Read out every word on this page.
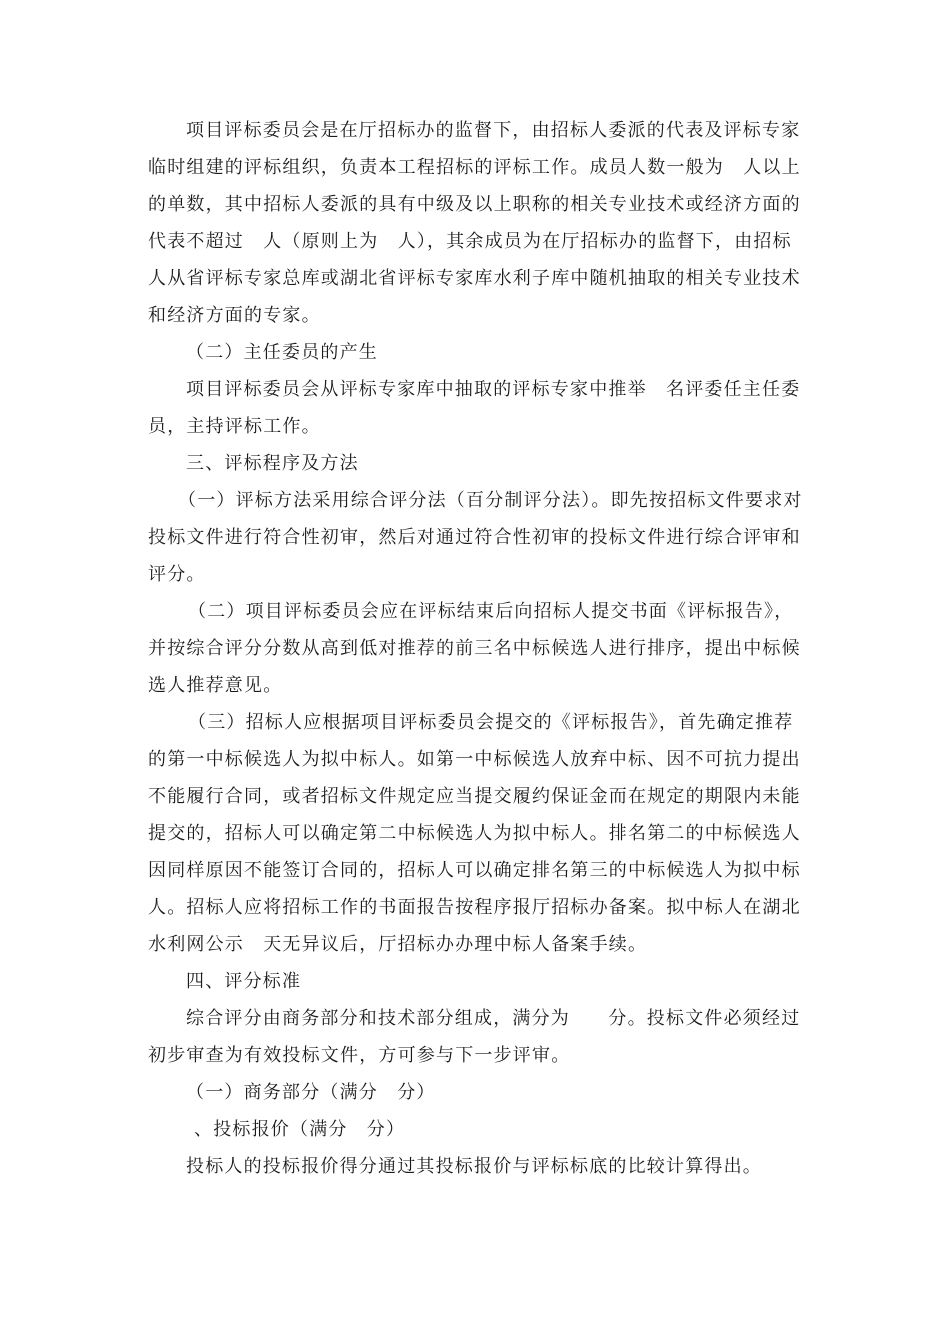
项目评标委员会是在厅招标办的监督下，由招标人委派的代表及评标专家
临时组建的评标组织，负责本工程招标的评标工作。成员人数一般为　人以上
的单数，其中招标人委派的具有中级及以上职称的相关专业技术或经济方面的
代表不超过　人（原则上为　人），其余成员为在厅招标办的监督下，由招标
人从省评标专家总库或湖北省评标专家库水利子库中随机抽取的相关专业技术
和经济方面的专家。
（二）主任委员的产生
项目评标委员会从评标专家库中抽取的评标专家中推举　名评委任主任委
员，主持评标工作。
三、评标程序及方法
（一）评标方法采用综合评分法（百分制评分法）。即先按招标文件要求对
投标文件进行符合性初审，然后对通过符合性初审的投标文件进行综合评审和
评分。
（二）项目评标委员会应在评标结束后向招标人提交书面《评标报告》，
并按综合评分分数从高到低对推荐的前三名中标候选人进行排序，提出中标候
选人推荐意见。
（三）招标人应根据项目评标委员会提交的《评标报告》，首先确定推荐
的第一中标候选人为拟中标人。如第一中标候选人放弃中标、因不可抗力提出
不能履行合同，或者招标文件规定应当提交履约保证金而在规定的期限内未能
提交的，招标人可以确定第二中标候选人为拟中标人。排名第二的中标候选人
因同样原因不能签订合同的，招标人可以确定排名第三的中标候选人为拟中标
人。招标人应将招标工作的书面报告按程序报厅招标办备案。拟中标人在湖北
水利网公示　天无异议后，厅招标办办理中标人备案手续。
四、评分标准
综合评分由商务部分和技术部分组成，满分为　　分。投标文件必须经过
初步审查为有效投标文件，方可参与下一步评审。
（一）商务部分（满分　分）
、投标报价（满分　分）
投标人的投标报价得分通过其投标报价与评标标底的比较计算得出。
